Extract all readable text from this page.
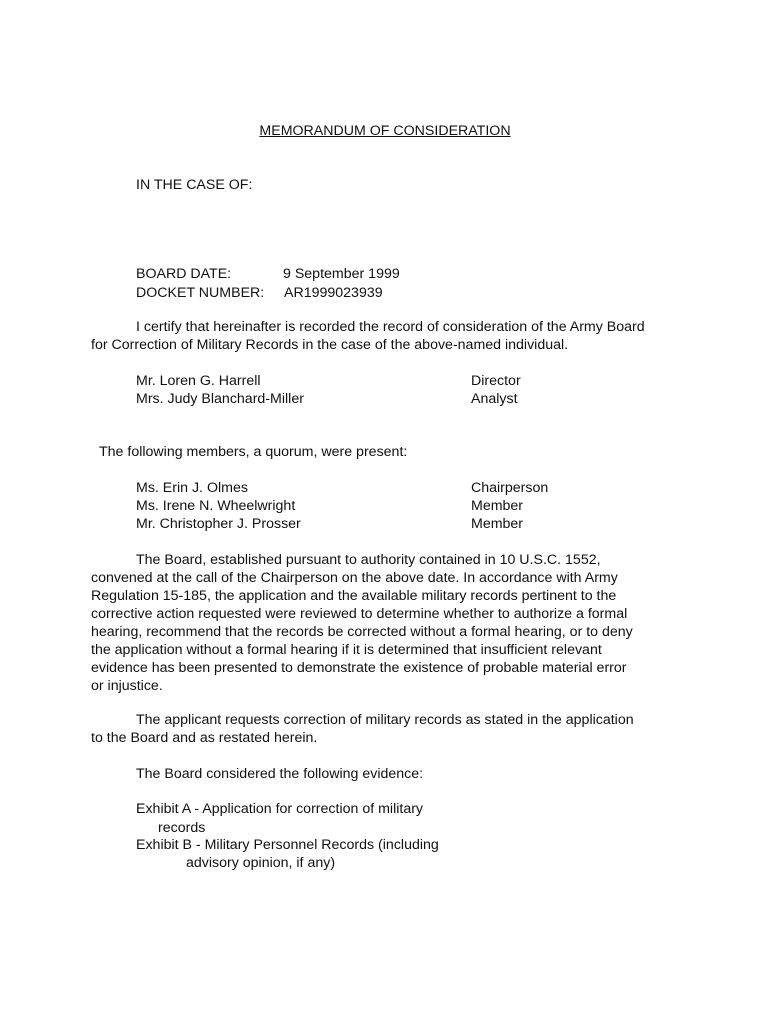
MEMORANDUM OF CONSIDERATION
IN THE CASE OF:
BOARD DATE:	9 September 1999
DOCKET NUMBER: AR1999023939
I certify that hereinafter is recorded the record of consideration of the Army Board
for Correction of Military Records in the case of the above-named individual.
Mr. Loren G. Harrell	Director
Mrs. Judy Blanchard-Miller	Analyst
The following members, a quorum, were present:
Ms. Erin J. Olmes	Chairperson
Ms. Irene N. Wheelwright	Member
Mr. Christopher J. Prosser	Member
The Board, established pursuant to authority contained in 10 U.S.C. 1552,
convened at the call of the Chairperson on the above date. In accordance with Army
Regulation 15-185, the application and the available military records pertinent to the
corrective action requested were reviewed to determine whether to authorize a formal
hearing, recommend that the records be corrected without a formal hearing, or to deny
the application without a formal hearing if it is determined that insufficient relevant
evidence has been presented to demonstrate the existence of probable material error
or injustice.
The applicant requests correction of military records as stated in the application
to the Board and as restated herein.
The Board considered the following evidence:
Exhibit A - Application for correction of military
records
Exhibit B - Military Personnel Records (including
advisory opinion, if any)
